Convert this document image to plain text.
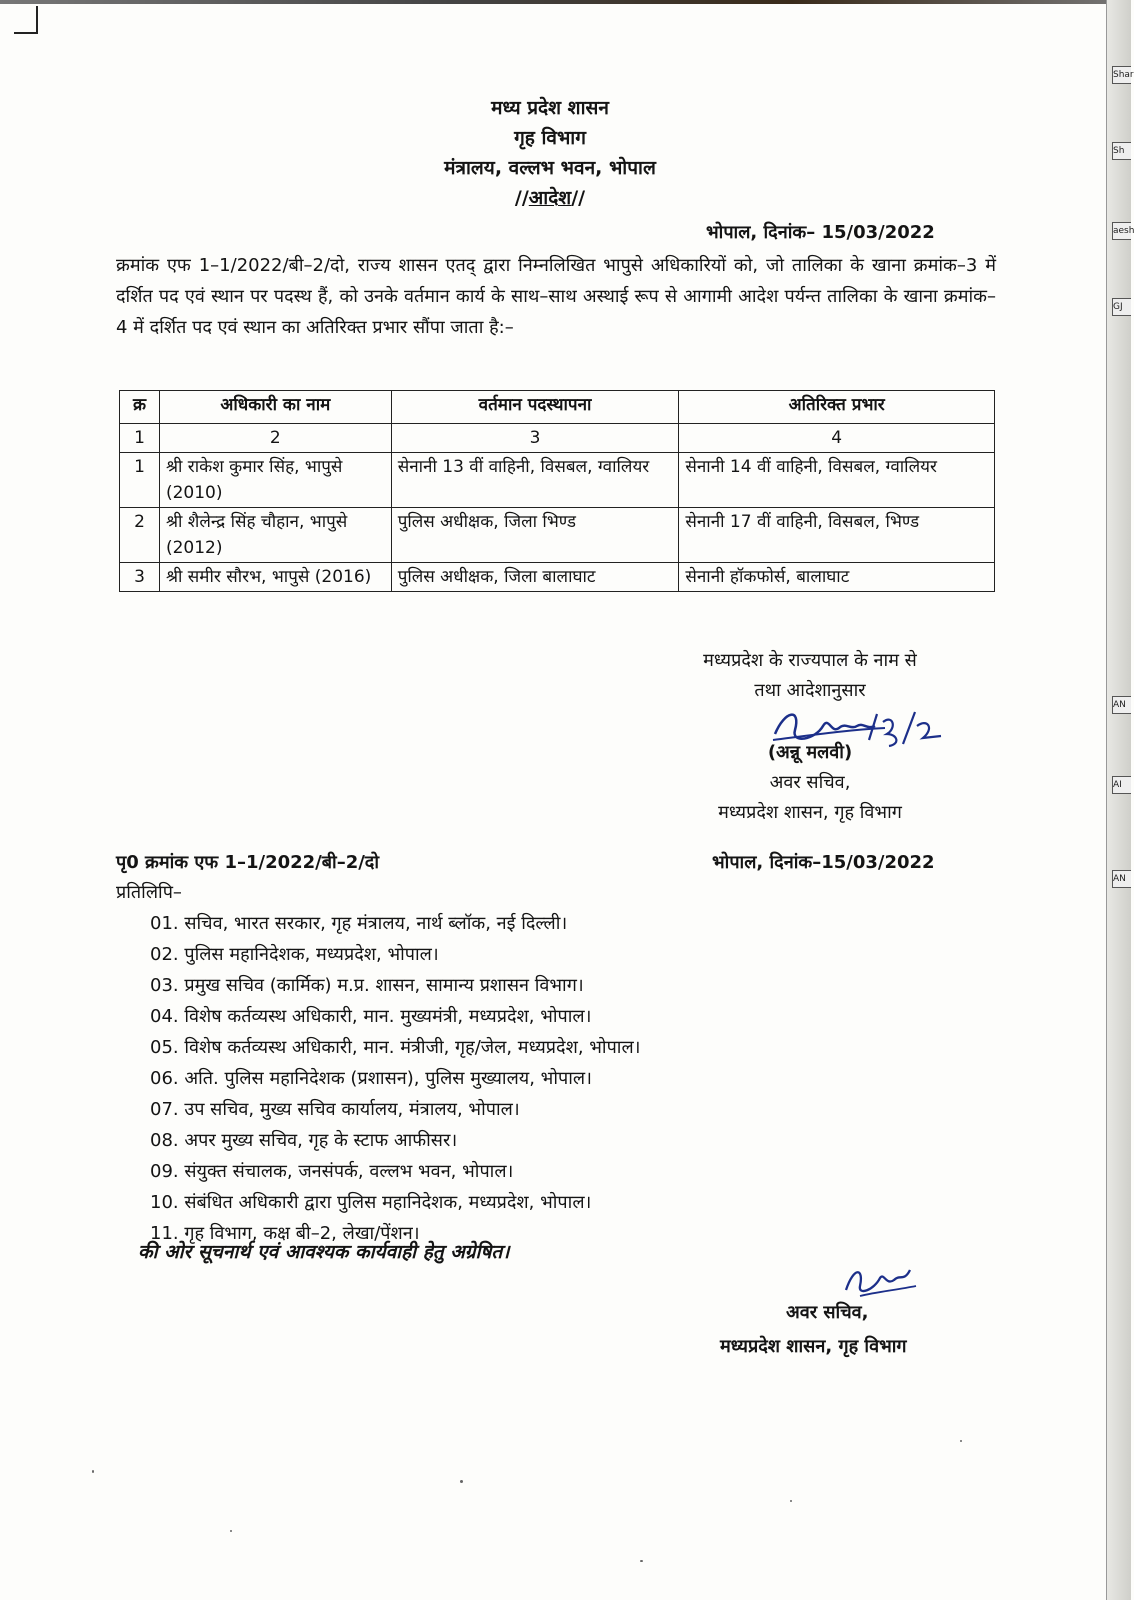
Shar
Sh
aesh
GJ
AN
AI
AN
मध्य प्रदेश शासन
गृह विभाग
मंत्रालय, वल्लभ भवन, भोपाल
//आदेश//
भोपाल, दिनांक– 15/03/2022
क्रमांक एफ 1–1/2022/बी–2/दो, राज्य शासन एतद् द्वारा निम्नलिखित भापुसे अधिकारियों को, जो तालिका के खाना क्रमांक–3 में दर्शित पद एवं स्थान पर पदस्थ हैं, को उनके वर्तमान कार्य के साथ–साथ अस्थाई रूप से आगामी आदेश पर्यन्त तालिका के खाना क्रमांक–4 में दर्शित पद एवं स्थान का अतिरिक्त प्रभार सौंपा जाता है:–
क्र	अधिकारी का नाम	वर्तमान पदस्थापना	अतिरिक्त प्रभार
1	2	3	4
1	श्री राकेश कुमार सिंह, भापुसे (2010)	सेनानी 13 वीं वाहिनी, विसबल, ग्वालियर	सेनानी 14 वीं वाहिनी, विसबल, ग्वालियर
2	श्री शैलेन्द्र सिंह चौहान, भापुसे (2012)	पुलिस अधीक्षक, जिला भिण्ड	सेनानी 17 वीं वाहिनी, विसबल, भिण्ड
3	श्री समीर सौरभ, भापुसे (2016)	पुलिस अधीक्षक, जिला बालाघाट	सेनानी हॉकफोर्स, बालाघाट
मध्यप्रदेश के राज्यपाल के नाम से
तथा आदेशानुसार
(अन्नू मलवी)
अवर सचिव,
मध्यप्रदेश शासन, गृह विभाग
पृ0 क्रमांक एफ 1–1/2022/बी–2/दो	भोपाल, दिनांक–15/03/2022
प्रतिलिपि–
01. सचिव, भारत सरकार, गृह मंत्रालय, नार्थ ब्लॉक, नई दिल्ली।
02. पुलिस महानिदेशक, मध्यप्रदेश, भोपाल।
03. प्रमुख सचिव (कार्मिक) म.प्र. शासन, सामान्य प्रशासन विभाग।
04. विशेष कर्तव्यस्थ अधिकारी, मान. मुख्यमंत्री, मध्यप्रदेश, भोपाल।
05. विशेष कर्तव्यस्थ अधिकारी, मान. मंत्रीजी, गृह/जेल, मध्यप्रदेश, भोपाल।
06. अति. पुलिस महानिदेशक (प्रशासन), पुलिस मुख्यालय, भोपाल।
07. उप सचिव, मुख्य सचिव कार्यालय, मंत्रालय, भोपाल।
08. अपर मुख्य सचिव, गृह के स्टाफ आफीसर।
09. संयुक्त संचालक, जनसंपर्क, वल्लभ भवन, भोपाल।
10. संबंधित अधिकारी द्वारा पुलिस महानिदेशक, मध्यप्रदेश, भोपाल।
11. गृह विभाग, कक्ष बी–2, लेखा/पेंशन।
की ओर सूचनार्थ एवं आवश्यक कार्यवाही हेतु अग्रेषित।
अवर सचिव,
मध्यप्रदेश शासन, गृह विभाग
